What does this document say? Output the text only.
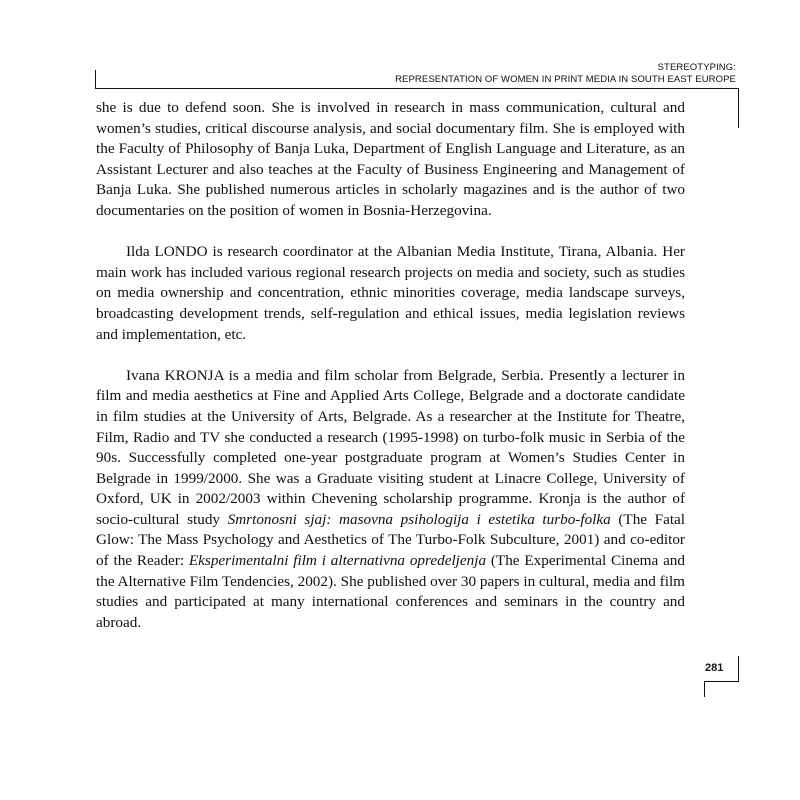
STEREOTYPING:
REPRESENTATION OF WOMEN IN PRINT MEDIA IN SOUTH EAST EUROPE

she is due to defend soon. She is involved in research in mass communication, cultural and women’s studies, critical discourse analysis, and social documentary film. She is employed with the Faculty of Philosophy of Banja Luka, Department of English Language and Literature, as an Assistant Lecturer and also teaches at the Faculty of Business Engineering and Management of Banja Luka. She published numerous articles in scholarly magazines and is the author of two documentaries on the position of women in Bosnia-Herzegovina.

Ilda LONDO is research coordinator at the Albanian Media Institute, Tirana, Albania. Her main work has included various regional research projects on media and society, such as studies on media ownership and concentration, ethnic minorities coverage, media landscape surveys, broadcasting development trends, self-regulation and ethical issues, media legislation reviews and implementation, etc.

Ivana KRONJA is a media and film scholar from Belgrade, Serbia. Presently a lecturer in film and media aesthetics at Fine and Applied Arts College, Belgrade and a doctorate candidate in film studies at the University of Arts, Belgrade. As a researcher at the Institute for Theatre, Film, Radio and TV she conducted a research (1995-1998) on turbo-folk music in Serbia of the 90s. Successfully completed one-year postgraduate program at Women’s Studies Center in Belgrade in 1999/2000. She was a Graduate visiting student at Linacre College, University of Oxford, UK in 2002/2003 within Chevening scholarship programme. Kronja is the author of socio-cultural study Smrtonosni sjaj: masovna psihologija i estetika turbo-folka (The Fatal Glow: The Mass Psychology and Aesthetics of The Turbo-Folk Subculture, 2001) and co-editor of the Reader: Eksperimentalni film i alternativna opredeljenja (The Experimental Cinema and the Alternative Film Tendencies, 2002). She published over 30 papers in cultural, media and film studies and participated at many international conferences and seminars in the country and abroad.

281
